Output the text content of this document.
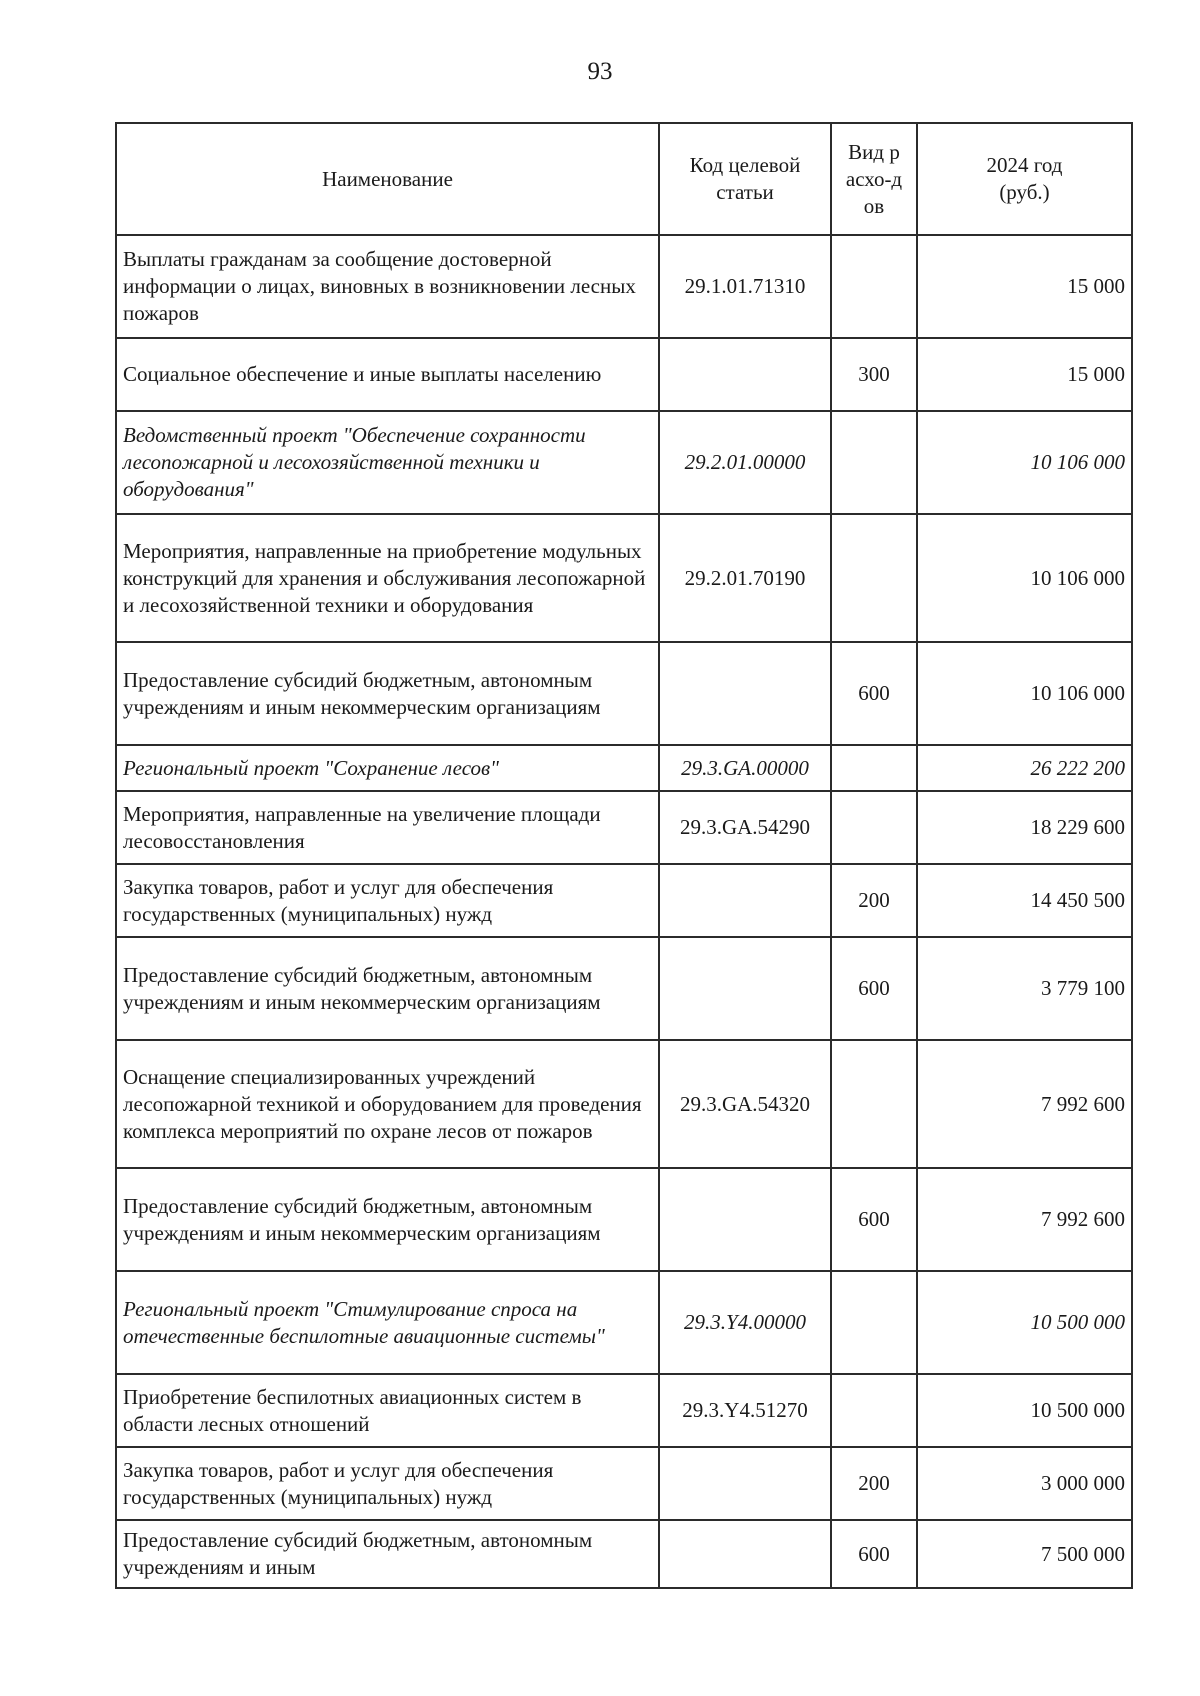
93
Наименование	Код целевой статьи	Вид расхо-дов	2024 год (руб.)

Выплаты гражданам за сообщение достоверной информации о лицах, виновных в возникновении лесных пожаров	29.1.01.71310		15 000
Социальное обеспечение и иные выплаты населению		300	15 000
Ведомственный проект "Обеспечение сохранности лесопожарной и лесохозяйственной техники и оборудования"	29.2.01.00000		10 106 000
Мероприятия, направленные на приобретение модульных конструкций для хранения и обслуживания лесопожарной и лесохозяйственной техники и оборудования	29.2.01.70190		10 106 000
Предоставление субсидий бюджетным, автономным учреждениям и иным некоммерческим организациям		600	10 106 000
Региональный проект "Сохранение лесов"	29.3.GA.00000		26 222 200
Мероприятия, направленные на увеличение площади лесовосстановления	29.3.GA.54290		18 229 600
Закупка товаров, работ и услуг для обеспечения государственных (муниципальных) нужд		200	14 450 500
Предоставление субсидий бюджетным, автономным учреждениям и иным некоммерческим организациям		600	3 779 100
Оснащение специализированных учреждений лесопожарной техникой и оборудованием для проведения комплекса мероприятий по охране лесов от пожаров	29.3.GA.54320		7 992 600
Предоставление субсидий бюджетным, автономным учреждениям и иным некоммерческим организациям		600	7 992 600
Региональный проект "Стимулирование спроса на отечественные беспилотные авиационные системы"	29.3.Y4.00000		10 500 000
Приобретение беспилотных авиационных систем в области лесных отношений	29.3.Y4.51270		10 500 000
Закупка товаров, работ и услуг для обеспечения государственных (муниципальных) нужд		200	3 000 000
Предоставление субсидий бюджетным, автономным учреждениям и иным		600	7 500 000
